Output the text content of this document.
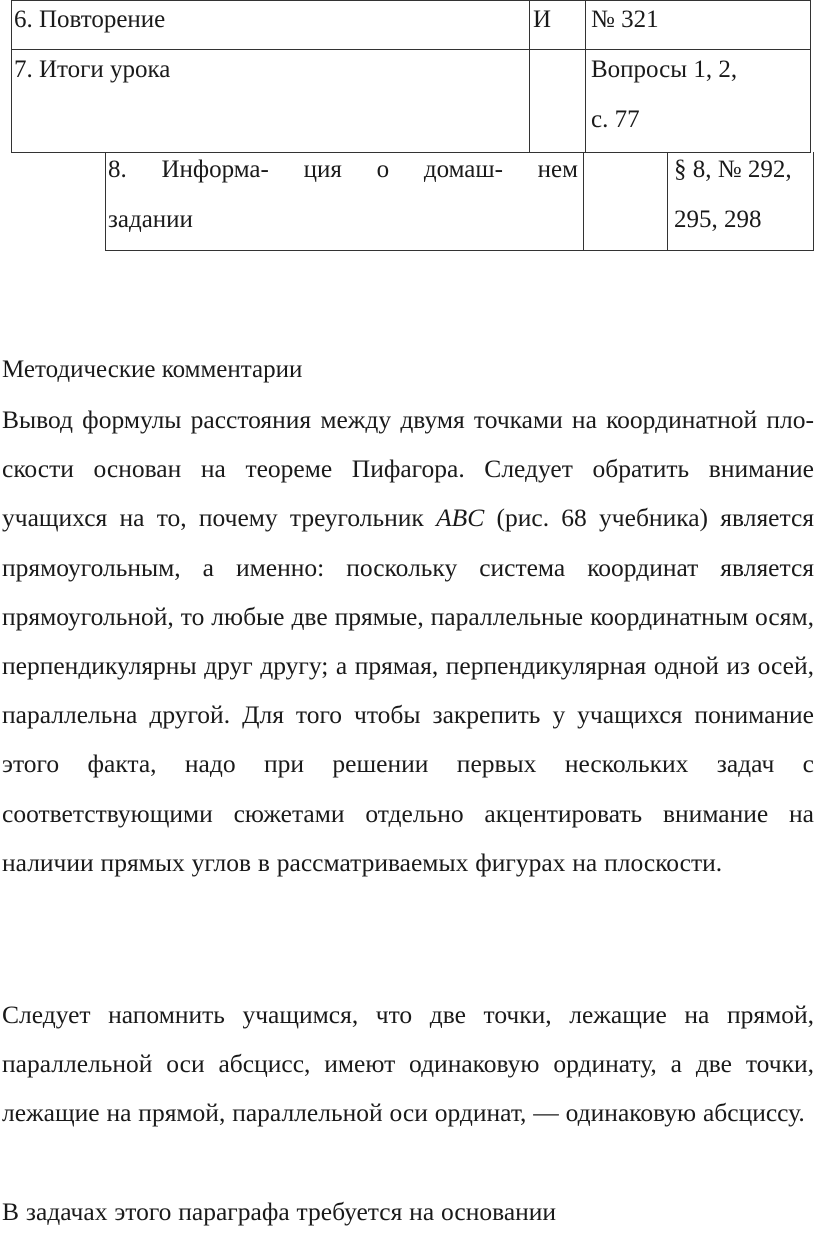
6. Повторение	И № 321
7. Итоги урока	Вопросы 1, 2,
с. 77
8. Информа- ция о домаш- нем
задании
§ 8, № 292,
295, 298
Методические комментарии
Вывод формулы расстояния между двумя точками на координатной пло- скости основан на теореме Пифагора. Следует обратить внимание учащихся на то, почему треугольник ABC (рис. 68 учебника) является прямоугольным, а именно: поскольку система координат является прямоугольной, то любые две прямые, параллельные координатным осям, перпендикулярны друг другу; а прямая, перпендикулярная одной из осей, параллельна другой. Для того чтобы закрепить у учащихся понимание этого факта, надо при решении первых нескольких задач с соответствующими сюжетами отдельно акцентировать внимание на наличии прямых углов в рассматриваемых фигурах на плоскости.
Следует напомнить учащимся, что две точки, лежащие на прямой, параллельной оси абсцисс, имеют одинаковую ординату, а две точки, лежащие на прямой, параллельной оси ординат, — одинаковую абсциссу.
В задачах этого параграфа требуется на основании
